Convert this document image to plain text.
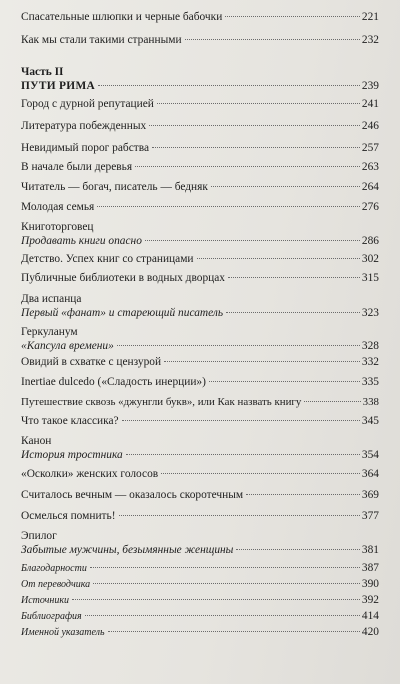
Спасательные шлюпки и черные бабочки	221
Как мы стали такими странными	232
Часть II
ПУТИ РИМА	239
Город с дурной репутацией	241
Литература побежденных	246
Невидимый порог рабства	257
В начале были деревья	263
Читатель — богач, писатель — бедняк	264
Молодая семья	276
Книготорговец
Продавать книги опасно	286
Детство. Успех книг со страницами	302
Публичные библиотеки в водных дворцах	315
Два испанца
Первый «фанат» и стареющий писатель	323
Геркуланум
«Капсула времени»	328
Овидий в схватке с цензурой	332
Inertiae dulcedo («Сладость инерции»)	335
Путешествие сквозь «джунгли букв», или Как назвать книгу	338
Что такое классика?	345
Канон
История тростника	354
«Осколки» женских голосов	364
Считалось вечным — оказалось скоротечным	369
Осмелься помнить!	377
Эпилог
Забытые мужчины, безымянные женщины	381
Благодарности	387
От переводчика	390
Источники	392
Библиография	414
Именной указатель	420
